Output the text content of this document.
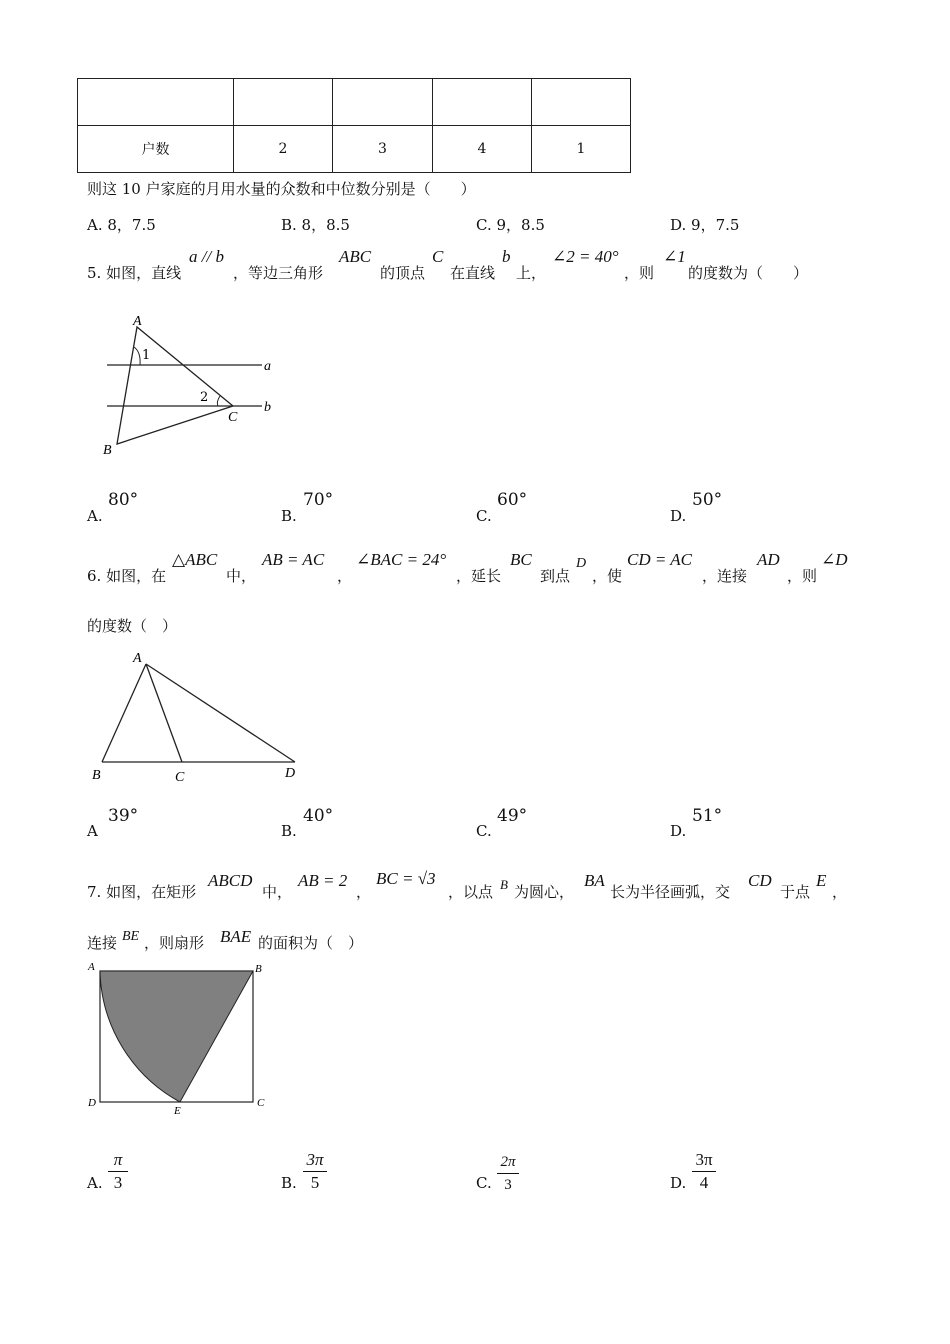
户数	2	3	4	1
则这 10 户家庭的月用水量的众数和中位数分别是（　　）
A. 8，7.5	B. 8，8.5	C. 9，8.5	D. 9，7.5
5. 如图，直线
a // b
，等边三角形
ABC
的顶点
C
在直线
b
上，
∠2 = 40°
，则
∠1
的度数为（　　）
A
B
C
a
b
1
2
A.
80°
B.
70°
C.
60°
D.
50°
6. 如图，在
△ABC
中，
AB = AC
，
∠BAC = 24°
，延长
BC
到点
D
，使
CD = AC
，连接
AD
，则
∠D
的度数（　）
A
B	C	D
A
39°
B.
40°
C.
49°
D.
51°
7. 如图，在矩形
ABCD
中，
AB = 2
，
BC = √3
，以点 B 为圆心，
BA
长为半径画弧，交
CD
于点
E
，
连接 BE ，则扇形 BAE 的面积为（　）
A	B
C
D
E
A.
π
3	B.
3π
5	C.
2π
3	D.
3π
4
